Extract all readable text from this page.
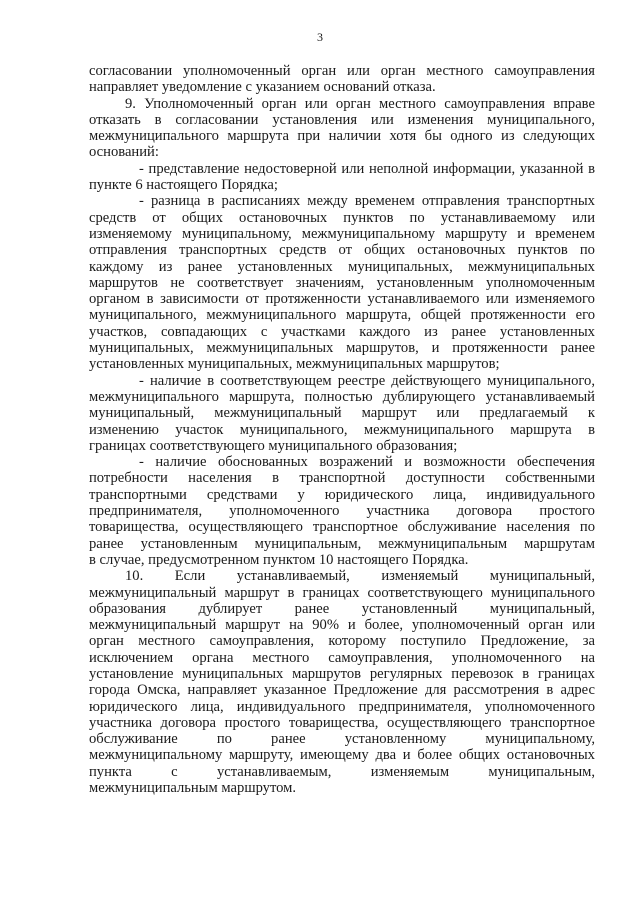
3
согласовании уполномоченный орган или орган местного самоуправления
направляет уведомление с указанием оснований отказа.
9. Уполномоченный орган или орган местного самоуправления вправе
отказать в согласовании установления или изменения муниципального,
межмуниципального маршрута при наличии хотя бы одного из следующих
оснований:
- представление недостоверной или неполной информации, указанной в
пункте 6 настоящего Порядка;
- разница в расписаниях между временем отправления транспортных
средств от общих остановочных пунктов по устанавливаемому или
изменяемому муниципальному, межмуниципальному маршруту и временем
отправления транспортных средств от общих остановочных пунктов по
каждому из ранее установленных муниципальных, межмуниципальных
маршрутов не соответствует значениям, установленным уполномоченным
органом в зависимости от протяженности устанавливаемого или изменяемого
муниципального, межмуниципального маршрута, общей протяженности его
участков, совпадающих с участками каждого из ранее установленных
муниципальных, межмуниципальных маршрутов, и протяженности ранее
установленных муниципальных, межмуниципальных маршрутов;
- наличие в соответствующем реестре действующего муниципального,
межмуниципального маршрута, полностью дублирующего устанавливаемый
муниципальный, межмуниципальный маршрут или предлагаемый к
изменению участок муниципального, межмуниципального маршрута в
границах соответствующего муниципального образования;
- наличие обоснованных возражений и возможности обеспечения
потребности населения в транспортной доступности собственными
транспортными средствами у юридического лица, индивидуального
предпринимателя, уполномоченного участника договора простого
товарищества, осуществляющего транспортное обслуживание населения по
ранее установленным муниципальным, межмуниципальным маршрутам
в случае, предусмотренном пунктом 10 настоящего Порядка.
10. Если устанавливаемый, изменяемый муниципальный,
межмуниципальный маршрут в границах соответствующего муниципального
образования дублирует ранее установленный муниципальный,
межмуниципальный маршрут на 90% и более, уполномоченный орган или
орган местного самоуправления, которому поступило Предложение, за
исключением органа местного самоуправления, уполномоченного на
установление муниципальных маршрутов регулярных перевозок в границах
города Омска, направляет указанное Предложение для рассмотрения в адрес
юридического лица, индивидуального предпринимателя, уполномоченного
участника договора простого товарищества, осуществляющего транспортное
обслуживание по ранее установленному муниципальному,
межмуниципальному маршруту, имеющему два и более общих остановочных
пункта с устанавливаемым, изменяемым муниципальным,
межмуниципальным маршрутом.
